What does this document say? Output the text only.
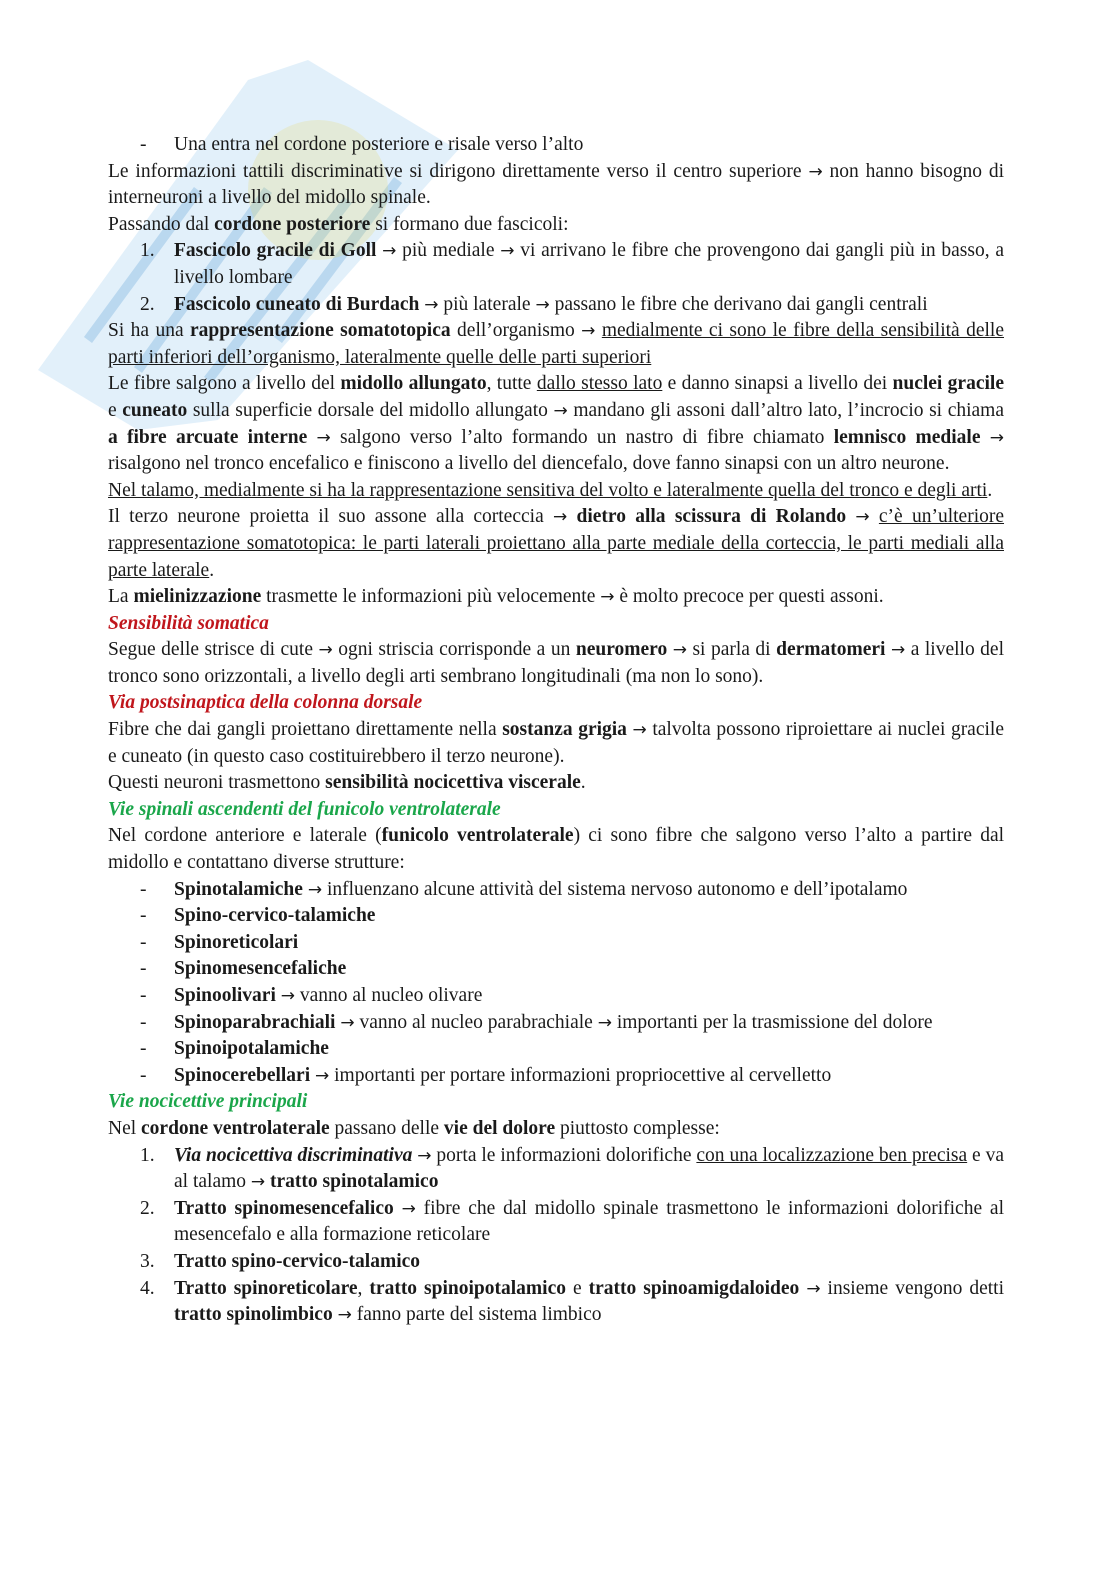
- Una entra nel cordone posteriore e risale verso l’alto
Le informazioni tattili discriminative si dirigono direttamente verso il centro superiore → non hanno bisogno di interneuroni a livello del midollo spinale.
Passando dal cordone posteriore si formano due fascicoli:
1. Fascicolo gracile di Goll → più mediale → vi arrivano le fibre che provengono dai gangli più in basso, a livello lombare
2. Fascicolo cuneato di Burdach → più laterale → passano le fibre che derivano dai gangli centrali
Si ha una rappresentazione somatotopica dell’organismo → medialmente ci sono le fibre della sensibilità delle parti inferiori dell’organismo, lateralmente quelle delle parti superiori
Le fibre salgono a livello del midollo allungato, tutte dallo stesso lato e danno sinapsi a livello dei nuclei gracile e cuneato sulla superficie dorsale del midollo allungato → mandano gli assoni dall’altro lato, l’incrocio si chiama a fibre arcuate interne → salgono verso l’alto formando un nastro di fibre chiamato lemnisco mediale → risalgono nel tronco encefalico e finiscono a livello del diencefalo, dove fanno sinapsi con un altro neurone.
Nel talamo, medialmente si ha la rappresentazione sensitiva del volto e lateralmente quella del tronco e degli arti.
Il terzo neurone proietta il suo assone alla corteccia → dietro alla scissura di Rolando → c’è un’ulteriore rappresentazione somatotopica: le parti laterali proiettano alla parte mediale della corteccia, le parti mediali alla parte laterale.
La mielinizzazione trasmette le informazioni più velocemente → è molto precoce per questi assoni.
Sensibilità somatica
Segue delle strisce di cute → ogni striscia corrisponde a un neuromero → si parla di dermatomeri → a livello del tronco sono orizzontali, a livello degli arti sembrano longitudinali (ma non lo sono).
Via postsinaptica della colonna dorsale
Fibre che dai gangli proiettano direttamente nella sostanza grigia → talvolta possono riproiettare ai nuclei gracile e cuneato (in questo caso costituirebbero il terzo neurone).
Questi neuroni trasmettono sensibilità nocicettiva viscerale.
Vie spinali ascendenti del funicolo ventrolaterale
Nel cordone anteriore e laterale (funicolo ventrolaterale) ci sono fibre che salgono verso l’alto a partire dal midollo e contattano diverse strutture:
- Spinotalamiche → influenzano alcune attività del sistema nervoso autonomo e dell’ipotalamo
- Spino-cervico-talamiche
- Spinoreticolari
- Spinomesencefaliche
- Spinoolivari → vanno al nucleo olivare
- Spinoparabrachiali → vanno al nucleo parabrachiale → importanti per la trasmissione del dolore
- Spinoipotalamiche
- Spinocerebellari → importanti per portare informazioni propriocettive al cervelletto
Vie nocicettive principali
Nel cordone ventrolaterale passano delle vie del dolore piuttosto complesse:
1. Via nocicettiva discriminativa → porta le informazioni dolorifiche con una localizzazione ben precisa e va al talamo → tratto spinotalamico
2. Tratto spinomesencefalico → fibre che dal midollo spinale trasmettono le informazioni dolorifiche al mesencefalo e alla formazione reticolare
3. Tratto spino-cervico-talamico
4. Tratto spinoreticolare, tratto spinoipotalamico e tratto spinoamigdaloideo → insieme vengono detti tratto spinolimbico → fanno parte del sistema limbico
